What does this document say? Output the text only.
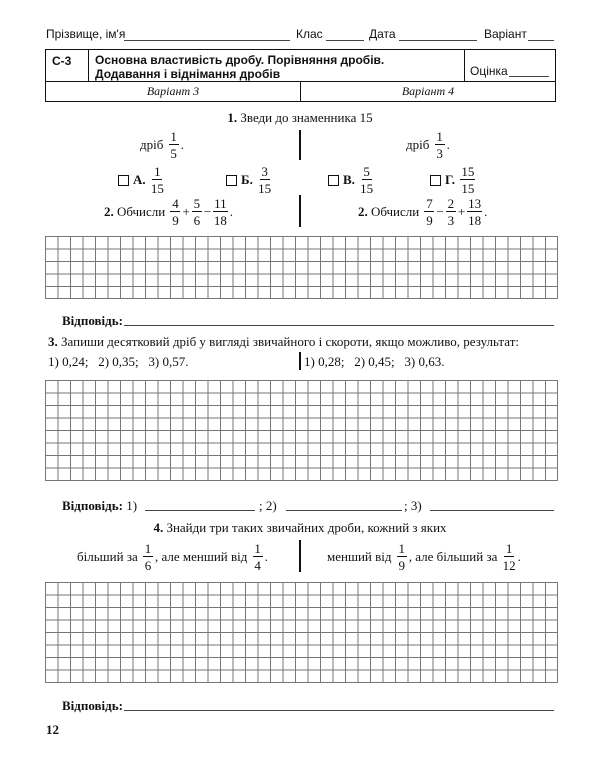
Прізвище, ім'я	Клас	Дата	Варіант
С-3 Основна властивість дробу. Порівняння дробів.
Додавання і віднімання дробів	Оцінка
Варіант 3	Варіант 4
1.
Зведи до знаменника 15
дріб
$\frac{1}{5}$ .	дріб
$\frac{1}{3}$ .
А.
$\frac{1}{15}$	Б.
$\frac{3}{15}$	В.
$\frac{5}{15}$	Г.
$\frac{15}{15}$
2.
Обчисли
$\frac{4}{9} + \frac{5}{6} - \frac{11}{18}$ .	2.
Обчисли
$\frac{7}{9} - \frac{2}{3} + \frac{13}{18}$ .
Відповідь:
3. Запиши десятковий дріб у вигляді звичайного і скороти, якщо можливо, результат:
1) 0,24;   2) 0,35;   3) 0,57.	1) 0,28;   2) 0,45;   3) 0,63.
Відповідь:
1)	; 2)	; 3)
4.
Знайди три таких звичайних дроби, кожний з яких
більший за
$\frac{1}{6}$ , але менший від
$\frac{1}{4}$ .	менший від
$\frac{1}{9}$ , але більший за
$\frac{1}{12}$ .
Відповідь:
12
